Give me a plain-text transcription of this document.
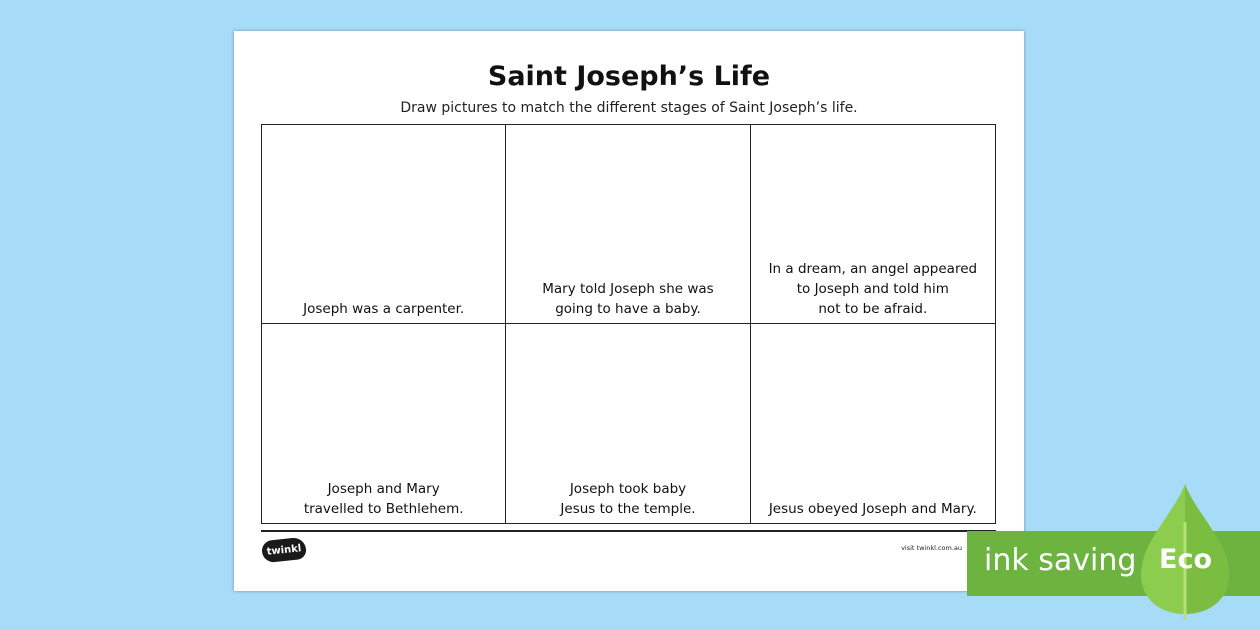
Saint Joseph’s Life
Draw pictures to match the different stages of Saint Joseph’s life.
Joseph was a carpenter.
Mary told Joseph she was
going to have a baby.
In a dream, an angel appeared
to Joseph and told him
not to be afraid.
Joseph and Mary
travelled to Bethlehem.
Joseph took baby
Jesus to the temple.	Jesus obeyed Joseph and Mary.
twinkl	visit twinkl.com.au ink saving Eco
